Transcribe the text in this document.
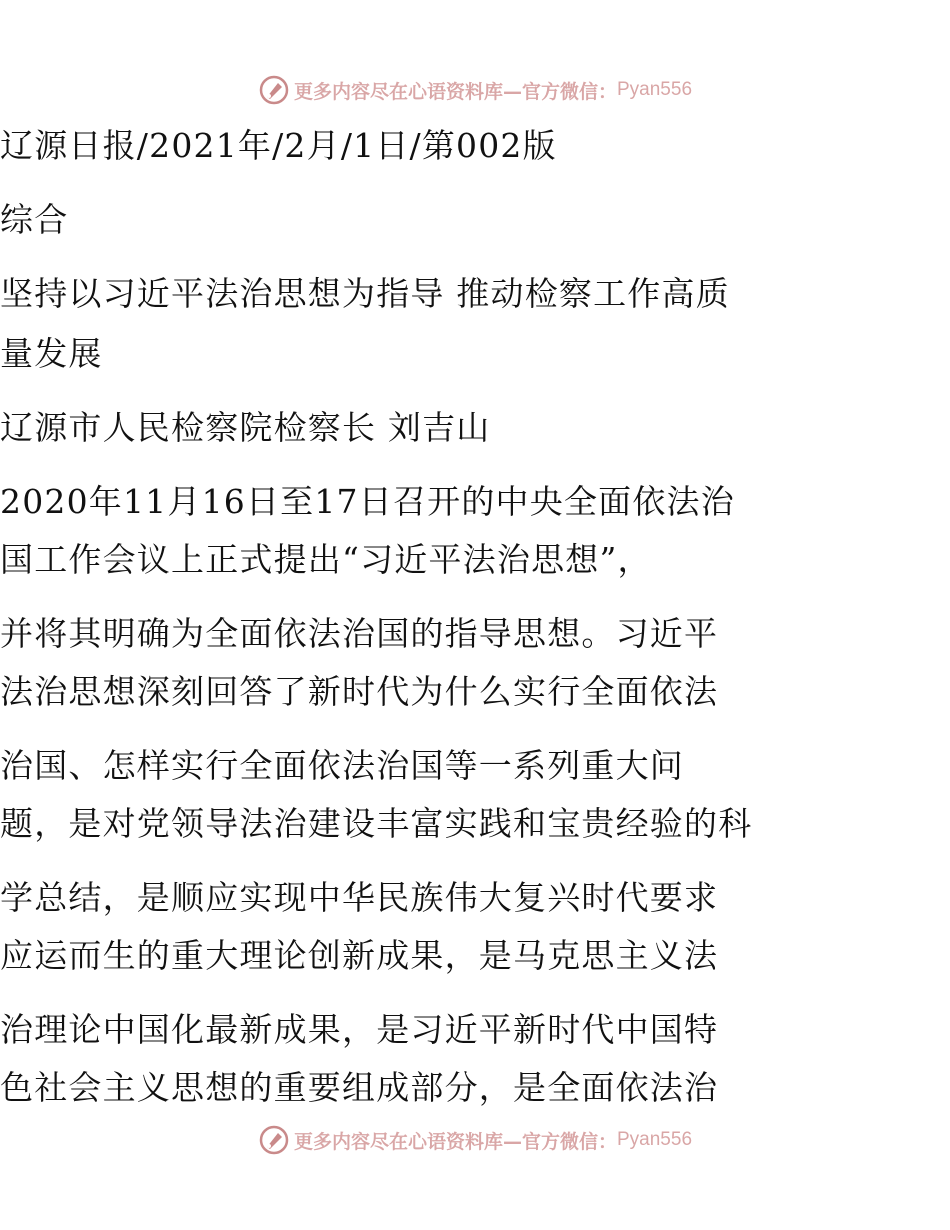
更多内容尽在心语资料库—官方微信： Pyan556
辽源日报/2021年/2月/1日/第002版
综合
坚持以习近平法治思想为指导 推动检察工作高质
量发展
辽源市人民检察院检察长 刘吉山
2020年11月16日至17日召开的中央全面依法治
国工作会议上正式提出“习近平法治思想”，
并将其明确为全面依法治国的指导思想。习近平
法治思想深刻回答了新时代为什么实行全面依法
治国、怎样实行全面依法治国等一系列重大问
题，是对党领导法治建设丰富实践和宝贵经验的科
学总结，是顺应实现中华民族伟大复兴时代要求
应运而生的重大理论创新成果，是马克思主义法
治理论中国化最新成果，是习近平新时代中国特
色社会主义思想的重要组成部分，是全面依法治
更多内容尽在心语资料库—官方微信： Pyan556
